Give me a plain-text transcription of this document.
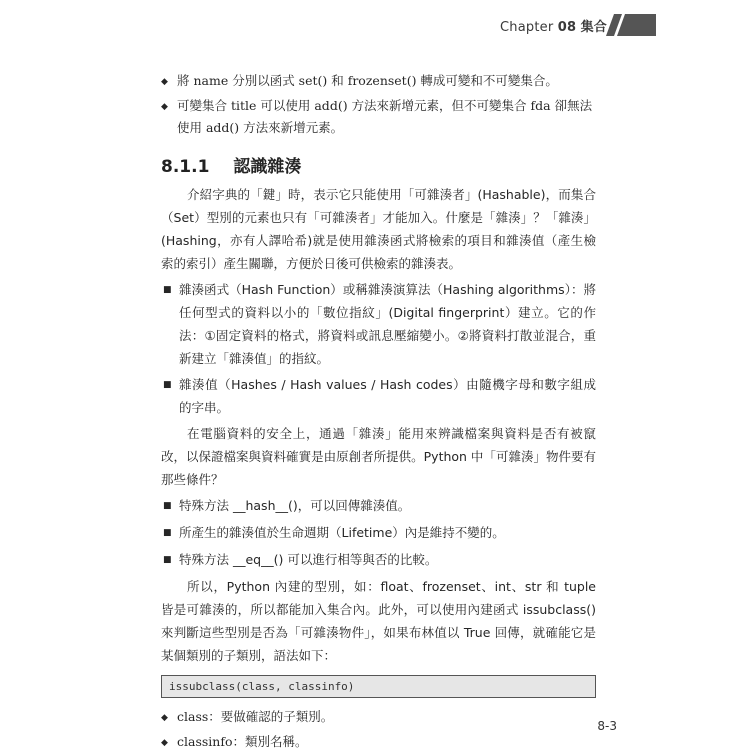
Chapter 08 集合
◆ 將 name 分別以函式 set() 和 frozenset() 轉成可變和不可變集合。
◆ 可變集合 title 可以使用 add() 方法來新增元素，但不可變集合 fda 卻無法使用 add() 方法來新增元素。
8.1.1 認識雜湊
介紹字典的「鍵」時，表示它只能使用「可雜湊者」(Hashable)，而集合（Set）型別的元素也只有「可雜湊者」才能加入。什麼是「雜湊」？「雜湊」(Hashing，亦有人譯哈希)就是使用雜湊函式將檢索的項目和雜湊值（產生檢索的索引）產生關聯，方便於日後可供檢索的雜湊表。
■ 雜湊函式（Hash Function）或稱雜湊演算法（Hashing algorithms）：將任何型式的資料以小的「數位指紋」(Digital fingerprint）建立。它的作法：①固定資料的格式，將資料或訊息壓縮變小。②將資料打散並混合，重新建立「雜湊值」的指紋。
■ 雜湊值（Hashes / Hash values / Hash codes）由隨機字母和數字組成的字串。
在電腦資料的安全上，通過「雜湊」能用來辨識檔案與資料是否有被竄改，以保證檔案與資料確實是由原創者所提供。Python 中「可雜湊」物件要有那些條件？
■ 特殊方法 __hash__()，可以回傳雜湊值。
■ 所產生的雜湊值於生命週期（Lifetime）內是維持不變的。
■ 特殊方法 __eq__() 可以進行相等與否的比較。
所以，Python 內建的型別，如：float、frozenset、int、str 和 tuple 皆是可雜湊的，所以都能加入集合內。此外，可以使用內建函式 issubclass() 來判斷這些型別是否為「可雜湊物件」，如果布林值以 True 回傳，就確能它是某個類別的子類別，語法如下：
issubclass(class, classinfo)
◆ class：要做確認的子類別。
◆ classinfo：類別名稱。
8-3
